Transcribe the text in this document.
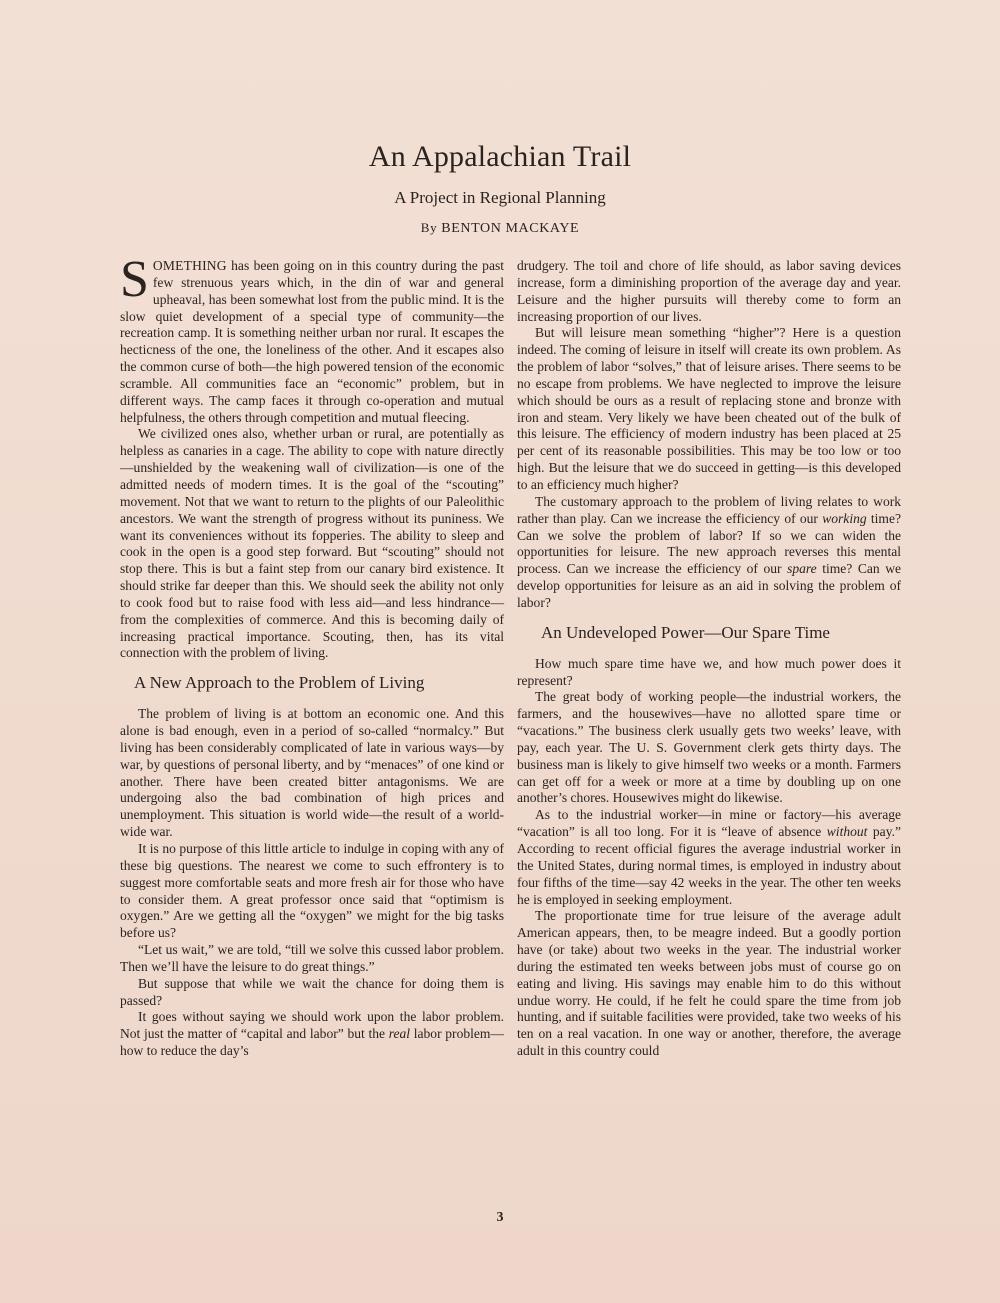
An Appalachian Trail
A Project in Regional Planning
By BENTON MACKAYE

SOMETHING has been going on in this country during the past few strenuous years which, in the din of war and general upheaval, has been somewhat lost from the public mind. It is the slow quiet development of a special type of community—the recreation camp. It is something neither urban nor rural. It escapes the hecticness of the one, the loneliness of the other. And it escapes also the common curse of both—the high powered tension of the economic scramble. All communities face an “economic” problem, but in different ways. The camp faces it through co-operation and mutual helpfulness, the others through competition and mutual fleecing.

We civilized ones also, whether urban or rural, are potentially as helpless as canaries in a cage. The ability to cope with nature directly—unshielded by the weakening wall of civilization—is one of the admitted needs of modern times. It is the goal of the “scouting” movement. Not that we want to return to the plights of our Paleolithic ancestors. We want the strength of progress without its puniness. We want its conveniences without its fopperies. The ability to sleep and cook in the open is a good step forward. But “scouting” should not stop there. This is but a faint step from our canary bird existence. It should strike far deeper than this. We should seek the ability not only to cook food but to raise food with less aid—and less hindrance—from the complexities of commerce. And this is becoming daily of increasing practical importance. Scouting, then, has its vital connection with the problem of living.

A New Approach to the Problem of Living

The problem of living is at bottom an economic one. And this alone is bad enough, even in a period of so-called “normalcy.” But living has been considerably complicated of late in various ways—by war, by questions of personal liberty, and by “menaces” of one kind or another. There have been created bitter antagonisms. We are undergoing also the bad combination of high prices and unemployment. This situation is world wide—the result of a world-wide war.

It is no purpose of this little article to indulge in coping with any of these big questions. The nearest we come to such effrontery is to suggest more comfortable seats and more fresh air for those who have to consider them. A great professor once said that “optimism is oxygen.” Are we getting all the “oxygen” we might for the big tasks before us?

“Let us wait,” we are told, “till we solve this cussed labor problem. Then we’ll have the leisure to do great things.”

But suppose that while we wait the chance for doing them is passed?

It goes without saying we should work upon the labor problem. Not just the matter of “capital and labor” but the real labor problem—how to reduce the day’s

drudgery. The toil and chore of life should, as labor saving devices increase, form a diminishing proportion of the average day and year. Leisure and the higher pursuits will thereby come to form an increasing proportion of our lives.

But will leisure mean something “higher”? Here is a question indeed. The coming of leisure in itself will create its own problem. As the problem of labor “solves,” that of leisure arises. There seems to be no escape from problems. We have neglected to improve the leisure which should be ours as a result of replacing stone and bronze with iron and steam. Very likely we have been cheated out of the bulk of this leisure. The efficiency of modern industry has been placed at 25 per cent of its reasonable possibilities. This may be too low or too high. But the leisure that we do succeed in getting—is this developed to an efficiency much higher?

The customary approach to the problem of living relates to work rather than play. Can we increase the efficiency of our working time? Can we solve the problem of labor? If so we can widen the opportunities for leisure. The new approach reverses this mental process. Can we increase the efficiency of our spare time? Can we develop opportunities for leisure as an aid in solving the problem of labor?

An Undeveloped Power—Our Spare Time

How much spare time have we, and how much power does it represent?

The great body of working people—the industrial workers, the farmers, and the housewives—have no allotted spare time or “vacations.” The business clerk usually gets two weeks’ leave, with pay, each year. The U. S. Government clerk gets thirty days. The business man is likely to give himself two weeks or a month. Farmers can get off for a week or more at a time by doubling up on one another’s chores. Housewives might do likewise.

As to the industrial worker—in mine or factory—his average “vacation” is all too long. For it is “leave of absence without pay.” According to recent official figures the average industrial worker in the United States, during normal times, is employed in industry about four fifths of the time—say 42 weeks in the year. The other ten weeks he is employed in seeking employment.

The proportionate time for true leisure of the average adult American appears, then, to be meagre indeed. But a goodly portion have (or take) about two weeks in the year. The industrial worker during the estimated ten weeks between jobs must of course go on eating and living. His savings may enable him to do this without undue worry. He could, if he felt he could spare the time from job hunting, and if suitable facilities were provided, take two weeks of his ten on a real vacation. In one way or another, therefore, the average adult in this country could

3
